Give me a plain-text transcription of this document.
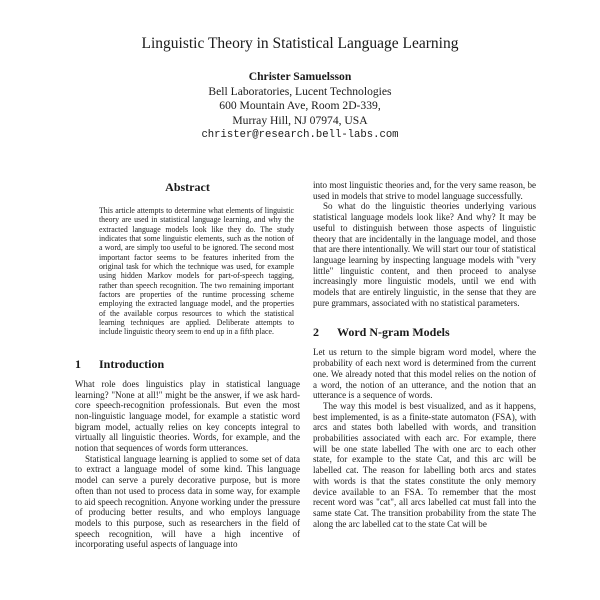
Linguistic Theory in Statistical Language Learning
Christer Samuelsson
Bell Laboratories, Lucent Technologies
600 Mountain Ave, Room 2D-339,
Murray Hill, NJ 07974, USA
christer@research.bell-labs.com
Abstract

This article attempts to determine what elements of linguistic theory are used in statistical language learning, and why the extracted language models look like they do. The study indicates that some linguistic elements, such as the notion of a word, are simply too useful to be ignored. The second most important factor seems to be features inherited from the original task for which the technique was used, for example using hidden Markov models for part-of-speech tagging, rather than speech recognition. The two remaining important factors are properties of the runtime processing scheme employing the extracted language model, and the properties of the available corpus resources to which the statistical learning techniques are applied. Deliberate attempts to include linguistic theory seem to end up in a fifth place.

1	Introduction

What role does linguistics play in statistical language learning? "None at all!" might be the answer, if we ask hard-core speech-recognition professionals. But even the most non-linguistic language model, for example a statistic word bigram model, actually relies on key concepts integral to virtually all linguistic theories. Words, for example, and the notion that sequences of words form utterances.

Statistical language learning is applied to some set of data to extract a language model of some kind. This language model can serve a purely decorative purpose, but is more often than not used to process data in some way, for example to aid speech recognition. Anyone working under the pressure of producing better results, and who employs language models to this purpose, such as researchers in the field of speech recognition, will have a high incentive of incorporating useful aspects of language into

into most linguistic theories and, for the very same reason, be used in models that strive to model language successfully.

So what do the linguistic theories underlying various statistical language models look like? And why? It may be useful to distinguish between those aspects of linguistic theory that are incidentally in the language model, and those that are there intentionally. We will start our tour of statistical language learning by inspecting language models with "very little" linguistic content, and then proceed to analyse increasingly more linguistic models, until we end with models that are entirely linguistic, in the sense that they are pure grammars, associated with no statistical parameters.

2	Word N-gram Models

Let us return to the simple bigram word model, where the probability of each next word is determined from the current one. We already noted that this model relies on the notion of a word, the notion of an utterance, and the notion that an utterance is a sequence of words.

The way this model is best visualized, and as it happens, best implemented, is as a finite-state automaton (FSA), with arcs and states both labelled with words, and transition probabilities associated with each arc. For example, there will be one state labelled The with one arc to each other state, for example to the state Cat, and this arc will be labelled cat. The reason for labelling both arcs and states with words is that the states constitute the only memory device available to an FSA. To remember that the most recent word was "cat", all arcs labelled cat must fall into the same state Cat. The transition probability from the state The along the arc labelled cat to the state Cat will be
